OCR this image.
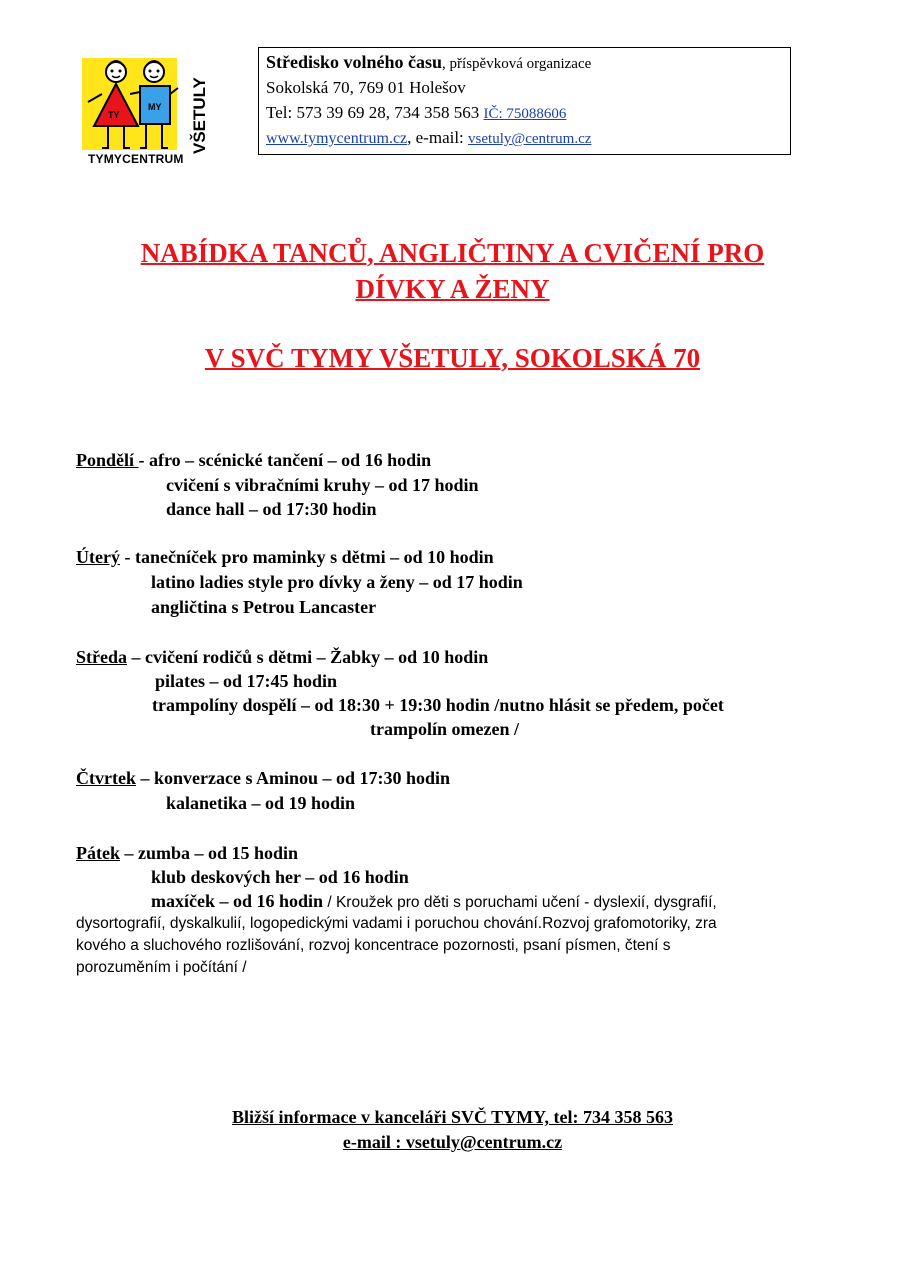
TY
MY VŠETULY
TYMYCENTRUM
Středisko volného času, příspěvková organizace
Sokolská 70, 769 01 Holešov
Tel: 573 39 69 28, 734 358 563 IČ: 75088606
www.tymycentrum.cz, e-mail: vsetuly@centrum.cz
NABÍDKA TANCŮ, ANGLIČTINY A CVIČENÍ PRO
DÍVKY A ŽENY
V SVČ TYMY VŠETULY, SOKOLSKÁ 70
Pondělí - afro – scénické tančení – od 16 hodin
cvičení s vibračními kruhy – od 17 hodin
dance hall – od 17:30 hodin
Úterý - tanečníček pro maminky s dětmi – od 10 hodin
latino ladies style pro dívky a ženy – od 17 hodin
angličtina s Petrou Lancaster
Středa – cvičení rodičů s dětmi – Žabky – od 10 hodin
pilates – od 17:45 hodin
trampolíny dospělí – od 18:30 + 19:30 hodin /nutno hlásit se předem, počet
trampolín omezen /
Čtvrtek – konverzace s Aminou – od 17:30 hodin
kalanetika – od 19 hodin
Pátek – zumba – od 15 hodin
klub deskových her – od 16 hodin
maxíček – od 16 hodin / Kroužek pro děti s poruchami učení - dyslexií, dysgrafií,
dysortografií, dyskalkulií, logopedickými vadami i poruchou chování.Rozvoj grafomotoriky, zra
kového a sluchového rozlišování, rozvoj koncentrace pozornosti, psaní písmen, čtení s
porozuměním i počítání /
Bližší informace v kanceláři SVČ TYMY, tel: 734 358 563
e-mail : vsetuly@centrum.cz
